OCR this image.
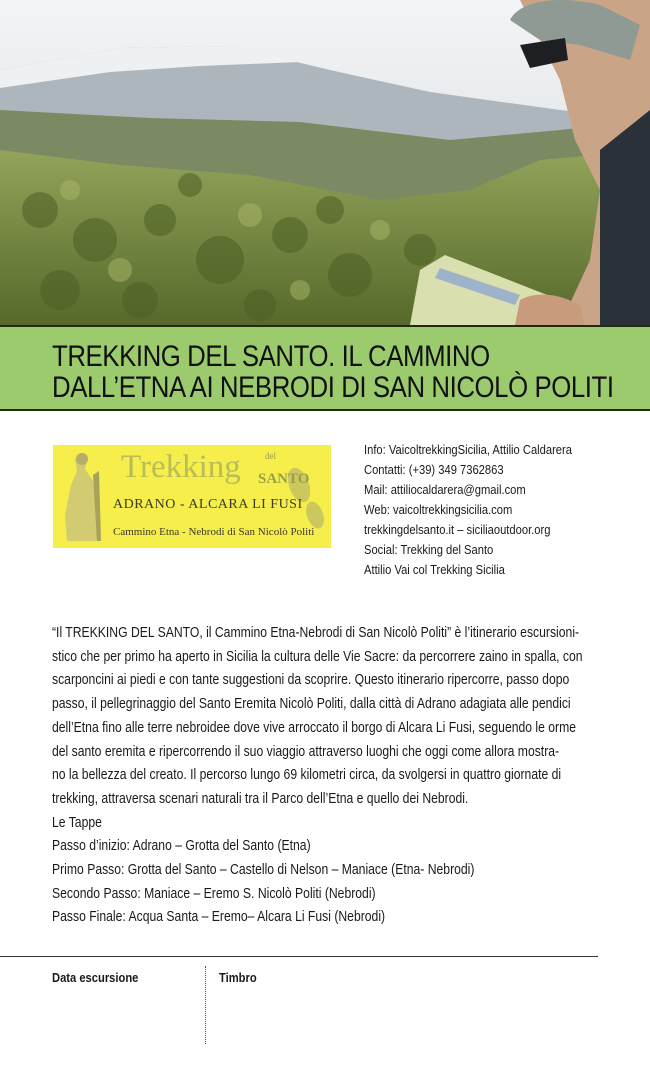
TREKKING DEL SANTO. IL CAMMINO
DALL’ETNA AI NEBRODI DI SAN NICOLÒ POLITI
Trekking	del
SANTO
ADRANO - ALCARA LI FUSI
Cammino Etna - Nebrodi di San Nicolò Politi
Info: VaicoltrekkingSicilia, Attilio Caldarera
Contatti: (+39) 349 7362863
Mail: attiliocaldarera@gmail.com
Web: vaicoltrekkingsicilia.com
trekkingdelsanto.it – siciliaoutdoor.org
Social: Trekking del Santo
Attilio Vai col Trekking Sicilia

“Il TREKKING DEL SANTO, il Cammino Etna-Nebrodi di San Nicolò Politi” è l’itinerario escursioni-

stico che per primo ha aperto in Sicilia la cultura delle Vie Sacre: da percorrere zaino in spalla, con

scarponcini ai piedi e con tante suggestioni da scoprire. Questo itinerario ripercorre, passo dopo

passo, il pellegrinaggio del Santo Eremita Nicolò Politi, dalla città di Adrano adagiata alle pendici

dell’Etna fino alle terre nebroidee dove vive arroccato il borgo di Alcara Li Fusi, seguendo le orme

del santo eremita e ripercorrendo il suo viaggio attraverso luoghi che oggi come allora mostra-

no la bellezza del creato. Il percorso lungo 69 kilometri circa, da svolgersi in quattro giornate di

trekking, attraversa scenari naturali tra il Parco dell’Etna e quello dei Nebrodi.

Le Tappe

Passo d’inizio: Adrano – Grotta del Santo (Etna)

Primo Passo: Grotta del Santo – Castello di Nelson – Maniace (Etna- Nebrodi)

Secondo Passo: Maniace – Eremo S. Nicolò Politi (Nebrodi)

Passo Finale: Acqua Santa – Eremo– Alcara Li Fusi (Nebrodi)

Data escursione	Timbro
